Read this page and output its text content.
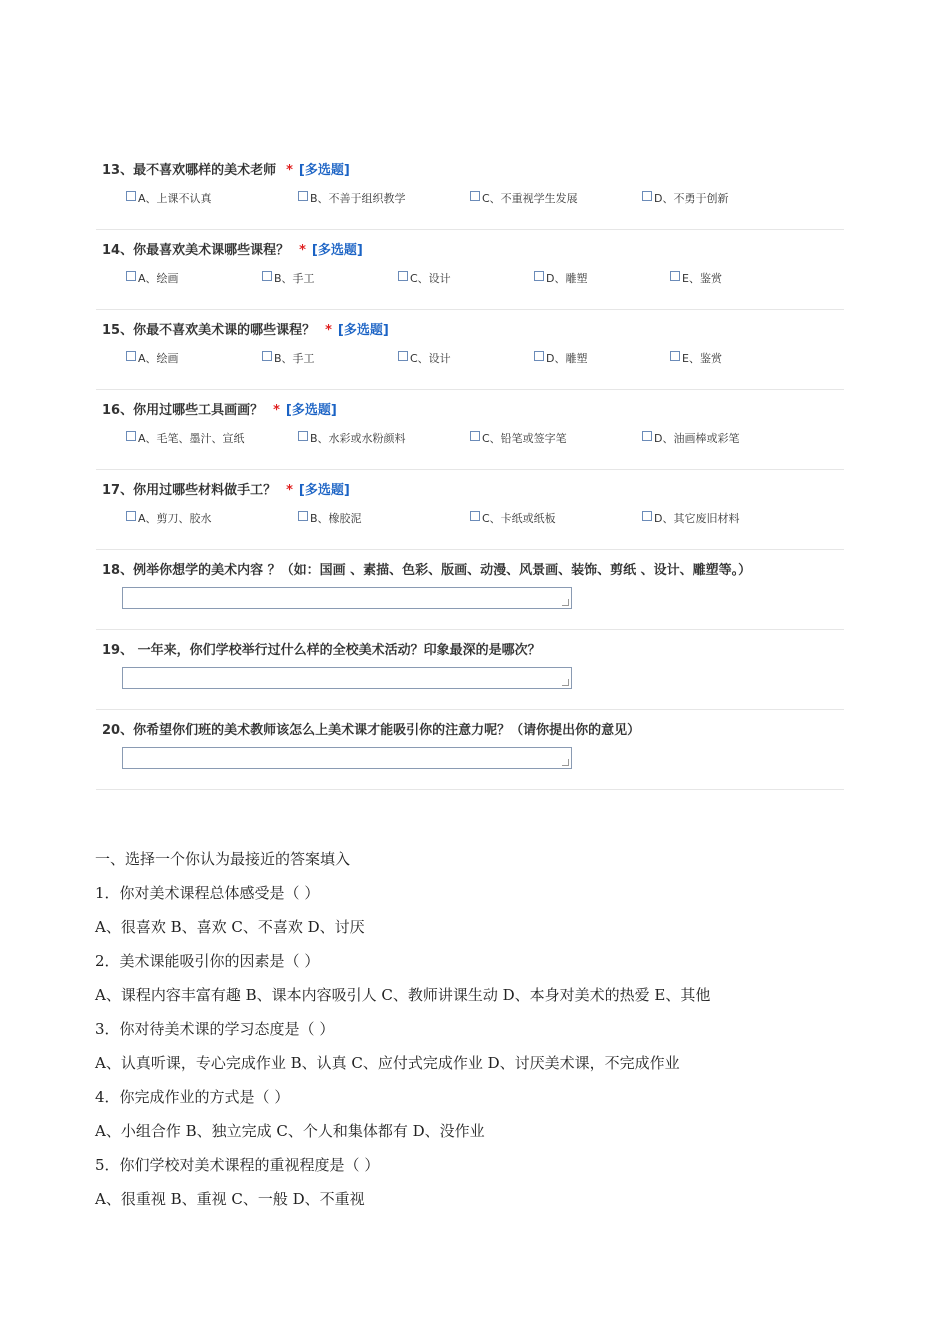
13、最不喜欢哪样的美术老师 * [多选题]
A、上课不认真	B、不善于组织教学	C、不重视学生发展	D、不勇于创新
14、你最喜欢美术课哪些课程？ * [多选题]
A、绘画	B、手工	C、设计	D、雕塑	E、鉴赏
15、你最不喜欢美术课的哪些课程？ * [多选题]
A、绘画	B、手工	C、设计	D、雕塑	E、鉴赏
16、你用过哪些工具画画？ * [多选题]
A、毛笔、墨汁、宣纸	B、水彩或水粉颜料	C、铅笔或签字笔	D、油画棒或彩笔
17、你用过哪些材料做手工？ * [多选题]
A、剪刀、胶水	B、橡胶泥	C、卡纸或纸板	D、其它废旧材料
18、例举你想学的美术内容 ？（如：国画 、素描、色彩、版画、动漫、风景画、装饰、剪纸 、设计、雕塑等。）
19、 一年来，你们学校举行过什么样的全校美术活动？印象最深的是哪次？
20、你希望你们班的美术教师该怎么上美术课才能吸引你的注意力呢？（请你提出你的意见）
一、选择一个你认为最接近的答案填入
1．你对美术课程总体感受是（ ）
A、很喜欢 B、喜欢 C、不喜欢 D、讨厌
2．美术课能吸引你的因素是（ ）
A、课程内容丰富有趣 B、课本内容吸引人 C、教师讲课生动 D、本身对美术的热爱 E、其他
3．你对待美术课的学习态度是（ ）
A、认真听课，专心完成作业 B、认真 C、应付式完成作业 D、讨厌美术课，不完成作业
4．你完成作业的方式是（ ）
A、小组合作 B、独立完成 C、个人和集体都有 D、没作业
5．你们学校对美术课程的重视程度是（ ）
A、很重视 B、重视 C、一般 D、不重视
